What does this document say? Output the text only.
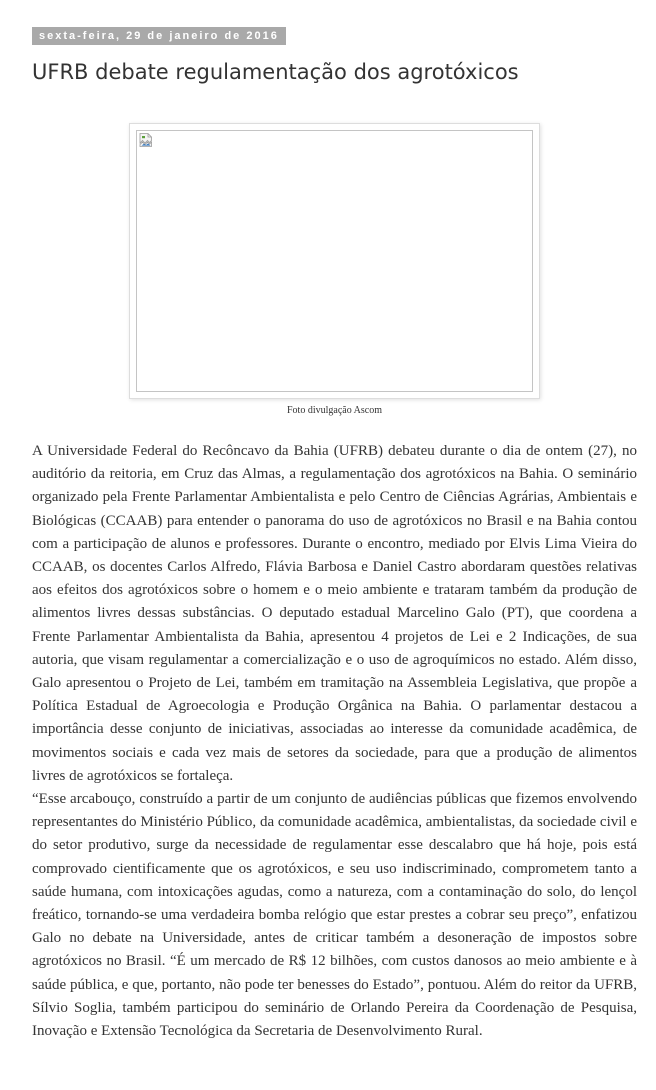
sexta-feira, 29 de janeiro de 2016
UFRB debate regulamentação dos agrotóxicos
Foto divulgação Ascom

A Universidade Federal do Recôncavo da Bahia (UFRB) debateu durante o dia de ontem (27), no auditório da reitoria, em Cruz das Almas, a regulamentação dos agrotóxicos na Bahia. O seminário organizado pela Frente Parlamentar Ambientalista e pelo Centro de Ciências Agrárias, Ambientais e Biológicas (CCAAB) para entender o panorama do uso de agrotóxicos no Brasil e na Bahia contou com a participação de alunos e professores. Durante o encontro, mediado por Elvis Lima Vieira do CCAAB, os docentes Carlos Alfredo, Flávia Barbosa e Daniel Castro abordaram questões relativas aos efeitos dos agrotóxicos sobre o homem e o meio ambiente e trataram também da produção de alimentos livres dessas substâncias. O deputado estadual Marcelino Galo (PT), que coordena a Frente Parlamentar Ambientalista da Bahia, apresentou 4 projetos de Lei e 2 Indicações, de sua autoria, que visam regulamentar a comercialização e o uso de agroquímicos no estado. Além disso, Galo apresentou o Projeto de Lei, também em tramitação na Assembleia Legislativa, que propõe a Política Estadual de Agroecologia e Produção Orgânica na Bahia. O parlamentar destacou a importância desse conjunto de iniciativas, associadas ao interesse da comunidade acadêmica, de movimentos sociais e cada vez mais de setores da sociedade, para que a produção de alimentos livres de agrotóxicos se fortaleça.

“Esse arcabouço, construído a partir de um conjunto de audiências públicas que fizemos envolvendo representantes do Ministério Público, da comunidade acadêmica, ambientalistas, da sociedade civil e do setor produtivo, surge da necessidade de regulamentar esse descalabro que há hoje, pois está comprovado cientificamente que os agrotóxicos, e seu uso indiscriminado, comprometem tanto a saúde humana, com intoxicações agudas, como a natureza, com a contaminação do solo, do lençol freático, tornando-se uma verdadeira bomba relógio que estar prestes a cobrar seu preço”, enfatizou Galo no debate na Universidade, antes de criticar também a desoneração de impostos sobre agrotóxicos no Brasil. “É um mercado de R$ 12 bilhões, com custos danosos ao meio ambiente e à saúde pública, e que, portanto, não pode ter benesses do Estado”, pontuou. Além do reitor da UFRB, Sílvio Soglia, também participou do seminário de Orlando Pereira da Coordenação de Pesquisa, Inovação e Extensão Tecnológica da Secretaria de Desenvolvimento Rural.
